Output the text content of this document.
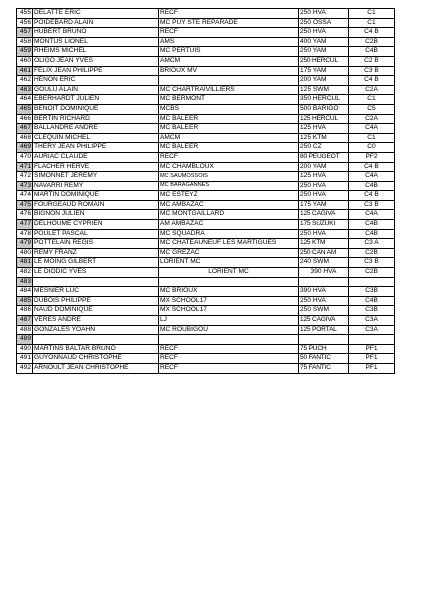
455	DELATTE ERIC	RECF	250 HVA	C1
456	POIDEBARD ALAIN	MC PUY STE REPARADE	250 OSSA	C1
457	HUBERT BRUNO	RECF	250 HVA	C4 B
458	MONTUS LIONEL	AMS	400 YAM	C2B
459	RHEIMS MICHEL	MC PERTUIS	250 YAM	C4B
460	OLIGO JEAN YVES	AMCM	250 HERCUL	C2 B
461	FELIX JEAN PHILIPPE	BRIOUX MV	175 YAM	C3 B
462	HENON ERIC		200 YAM	C4 B
463	GOULU ALAIN	MC CHARTRAIVILLIERS	125 SWM	C2A
464	EBERHARDT JULIEN	MC BERMONT	350 HERCUL	C1
465	BENOIT DOMINIQUE	MCBS	500 BARIGO	C5
466	BERTIN RICHARD	MC BALEER	125 HERCUL	C2A
467	BALLANDRE ANDRE	MC BALEER	125 HVA	C4A
468	CLEQUIN MICHEL	AMCM	125 KTM	C1
469	THERY JEAN PHILIPPE	MC BALEER	250 CZ	C0
470	AURIAC CLAUDE	RECF	80 PEUGEOT	PF2
471	FLACHER HERVE	MC CHAMBLOUX	200 YAM	C4 B
472	SIMONNET JEREMY	MC SAUMOSSOIS	125 HVA	C4A
473	NAVARRI REMY	MC BARAGANNES	250 HVA	C4B
474	MARTIN DOMINIQUE	MC ESTEYZ	250 HVA	C4 B
475	FOURGEAUD ROMAIN	MC AMBAZAC	175 YAM	C3 B
476	BIGNON JULIEN	MC MONTGAILLARD	125 CAGIVA	C4A
477	DELHOUME CYPRIEN	AM AMBAZAC	175 SUZUKI	C4B
478	POULET PASCAL	MC SQUADRA	250 HVA	C4B
479	POTTELAIN REGIS	MC CHATEAUNEUF LES MARTIGUES	125 KTM	C3 A
480	REMY FRANZ	MC GREZAC	250 CAN AM	C2B
481	LE MOING GILBERT	LORIENT MC	240 SWM	C3 B
482	LE DIODIC YVES	LORIENT MC	390 HVA	C2B
483				
484	MESNIER LUC	MC BRIOUX	390 HVA	C3B
485	DUBOIS PHILIPPE	MX SCHOOL17	250 HVA	C4B
486	NAUD DOMINIQUE	MX SCHOOL17	250 SWM	C3B
487	VERES ANDRE	LJ	125 CAGIVA	C3A
488	GONZALES YOAHN	MC ROUBIGOU	125 PORTAL	C3A
489				
490	MARTINS BALTAR BRUNO	RECF	75 PUCH	PF1
491	GUYONNAUD CHRISTOPHE	RECF	50 FANTIC	PF1
492	ARNOULT JEAN CHRISTOPHE	RECF	75 FANTIC	PF1
